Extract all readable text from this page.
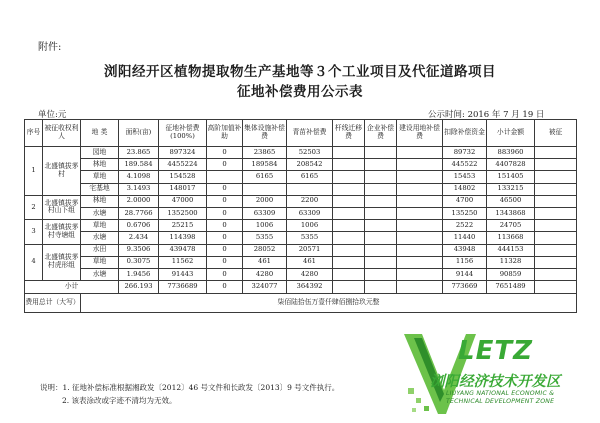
附件:
浏阳经开区植物提取物生产基地等３个工业项目及代征道路项目
征地补偿费用公示表
单位:元	公示时间: 2016 年 7 月 19 日
序号	被征收权利人	地 类	面积(亩)	征地补偿费(100%)	高阶加值补助	集体设施补偿费	青苗补偿费	杆线迁移费	企业补偿费	建设用地补偿费	扣除补偿资金	小计金额	被征
1	北盛镇拔茅村	园地	23.865	897324	0	23865	52503				89732	883960	
		林地	189.584	4455224	0	189584	208542				445522	4407828	
		草地	4.1098	154528		6165	6165				15453	151405	
		宅基地	3.1493	148017	0						14802	133215	
2	北盛镇拔茅村山下组	林地	2.0000	47000	0	2000	2200				4700	46500	
		水塘	28.7766	1352500	0	63309	63309				135250	1343868	
3	北盛镇拔茅村寺塘组	草地	0.6706	25215	0	1006	1006				2522	24705	
		水塘	2.434	114398	0	5355	5355				11440	113668	
4	北盛镇拔茅村虎形组	水田	9.3506	439478	0	28052	20571				43948	444153	
		草地	0.3075	11562	0	461	461				1156	11328	
		水塘	1.9456	91443	0	4280	4280				9144	90859	
小计			266.193	7736689	0	324077	364392				773669	7651489	
费用总计（大写）		柒佰陆拾伍万壹仟肆佰捌拾玖元整											
说明：1. 征地补偿标准根据湘政发〔2012〕46 号文件和长政发〔2013〕9 号文件执行。
2. 该表涂改或字迹不清均为无效。
LETZ
浏阳经济技术开发区
LIUYANG NATIONAL ECONOMIC &
TECHNICAL DEVELOPMENT ZONE
